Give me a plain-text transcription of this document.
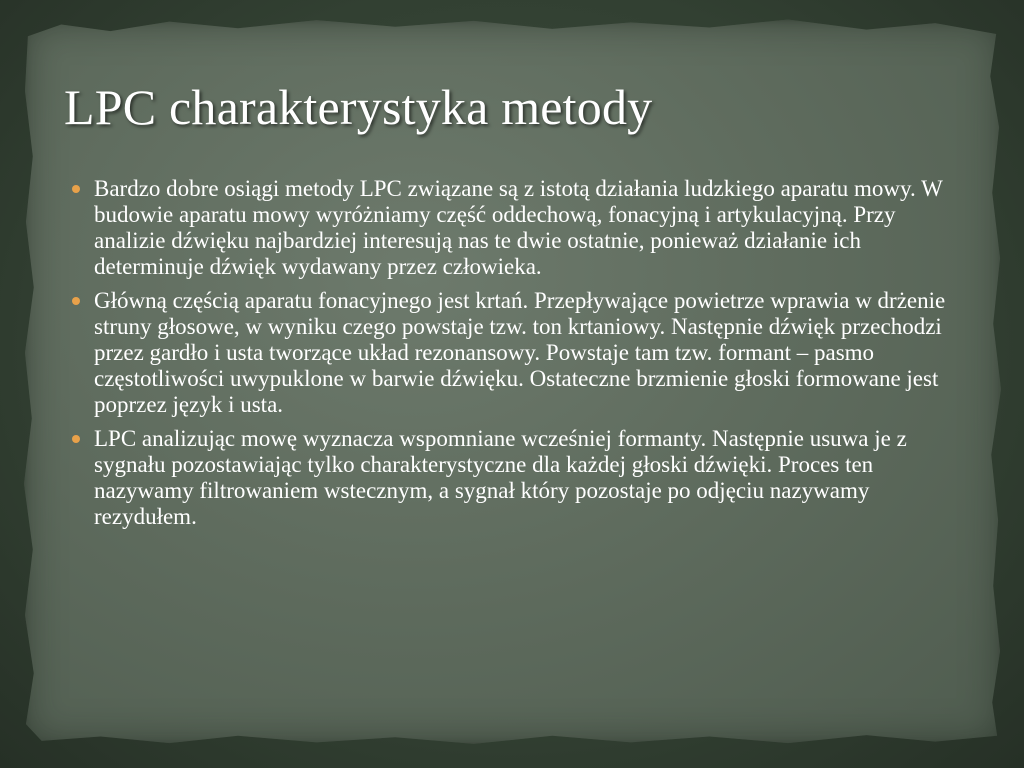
LPC charakterystyka metody
Bardzo dobre osiągi metody LPC związane są z istotą działania ludzkiego aparatu mowy. W budowie aparatu mowy wyróżniamy część oddechową, fonacyjną i artykulacyjną. Przy analizie dźwięku najbardziej interesują nas te dwie ostatnie, ponieważ działanie ich determinuje dźwięk wydawany przez człowieka.
Główną częścią aparatu fonacyjnego jest krtań. Przepływające powietrze wprawia w drżenie struny głosowe, w wyniku czego powstaje tzw. ton krtaniowy. Następnie dźwięk przechodzi przez gardło i usta tworzące układ rezonansowy. Powstaje tam tzw. formant – pasmo częstotliwości uwypuklone w barwie dźwięku. Ostateczne brzmienie głoski formowane jest poprzez język i usta.
LPC analizując mowę wyznacza wspomniane wcześniej formanty. Następnie usuwa je z sygnału pozostawiając tylko charakterystyczne dla każdej głoski dźwięki. Proces ten nazywamy filtrowaniem wstecznym, a sygnał który pozostaje po odjęciu nazywamy rezydułem.
